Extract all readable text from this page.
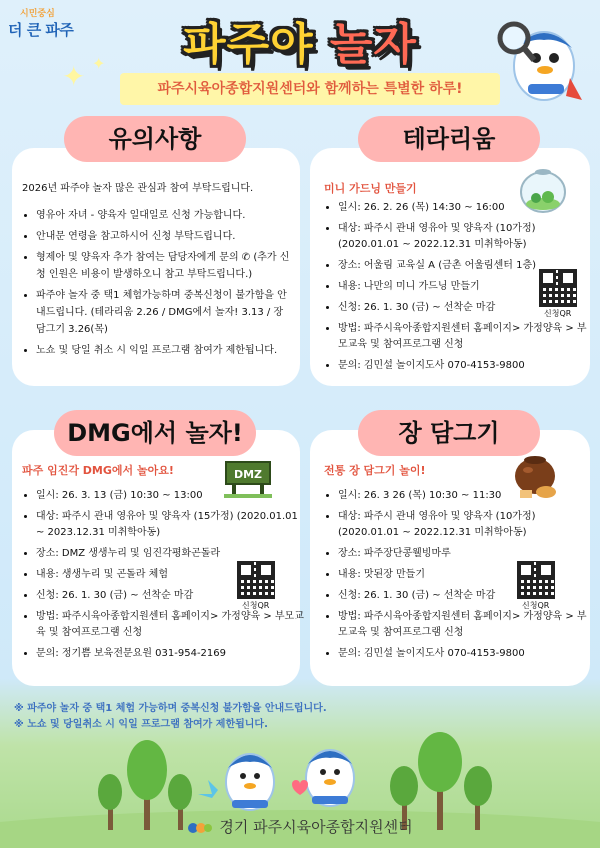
시민중심
더 큰 파주	파주야 놀자
✦ ✦
파주시육아종합지원센터와 함께하는 특별한 하루!
유의사항
2026년 파주야 놀자 많은 관심과 참여 부탁드립니다.
• 영유아 자녀 - 양육자 일대일로 신청 가능합니다.
• 안내문 연령을 참고하시어 신청 부탁드립니다.
• 형제아 및 양육자 추가 참여는 담당자에게 문의 ✆ (추가 신청 인원은 비용이 발생하오니 참고 부탁드립니다.)
• 파주야 놀자 중 택1 체험가능하며 중복신청이 불가함을 안내드립니다. (테라리움 2.26 / DMG에서 놀자! 3.13 / 장 담그기 3.26(목)
• 노쇼 및 당일 취소 시 익일 프로그램 참여가 제한됩니다.
테라리움
미니 가드닝 만들기
• 일시: 26. 2. 26 (목) 14:30 ~ 16:00
• 대상: 파주시 관내 영유아 및 양육자 (10가정) (2020.01.01 ~ 2022.12.31 미취학아동)
• 장소: 어울림 교육실 A (금촌 어울림센터 1층)
• 내용: 나만의 미니 가드닝 만들기
• 신청: 26. 1. 30 (금) ~ 선착순 마감
• 방법: 파주시육아종합지원센터 홈페이지> 가정양육 > 부모교육 및 참여프로그램 신청
• 문의: 김민설 놀이지도사 070-4153-9800
신청QR
DMG에서 놀자!
파주 임진각 DMG에서 놀아요!	DMZ
• 일시: 26. 3. 13 (금) 10:30 ~ 13:00
• 대상: 파주시 관내 영유아 및 양육자 (15가정) (2020.01.01 ~ 2023.12.31 미취학아동)
• 장소: DMZ 생생누리 및 임진각평화곤돌라
• 내용: 생생누리 및 곤돌라 체험
• 신청: 26. 1. 30 (금) ~ 선착순 마감
• 방법: 파주시육아종합지원센터 홈페이지> 가정양육 > 부모교육 및 참여프로그램 신청
• 문의: 정기쁨 보육전문요원 031-954-2169
신청QR
장 담그기
전통 장 담그기 놀이!
• 일시: 26. 3 26 (목) 10:30 ~ 11:30
• 대상: 파주시 관내 영유아 및 양육자 (10가정) (2020.01.01 ~ 2022.12.31 미취학아동)
• 장소: 파주장단콩웰빙마루
• 내용: 맛된장 만들기
• 신청: 26. 1. 30 (금) ~ 선착순 마감
• 방법: 파주시육아종합지원센터 홈페이지> 가정양육 > 부모교육 및 참여프로그램 신청
• 문의: 김민설 놀이지도사 070-4153-9800
신청QR
※ 파주야 놀자 중 택1 체험 가능하며 중복신청 불가함을 안내드립니다.
※ 노쇼 및 당일취소 시 익일 프로그램 참여가 제한됩니다.
경기 파주시육아종합지원센터
